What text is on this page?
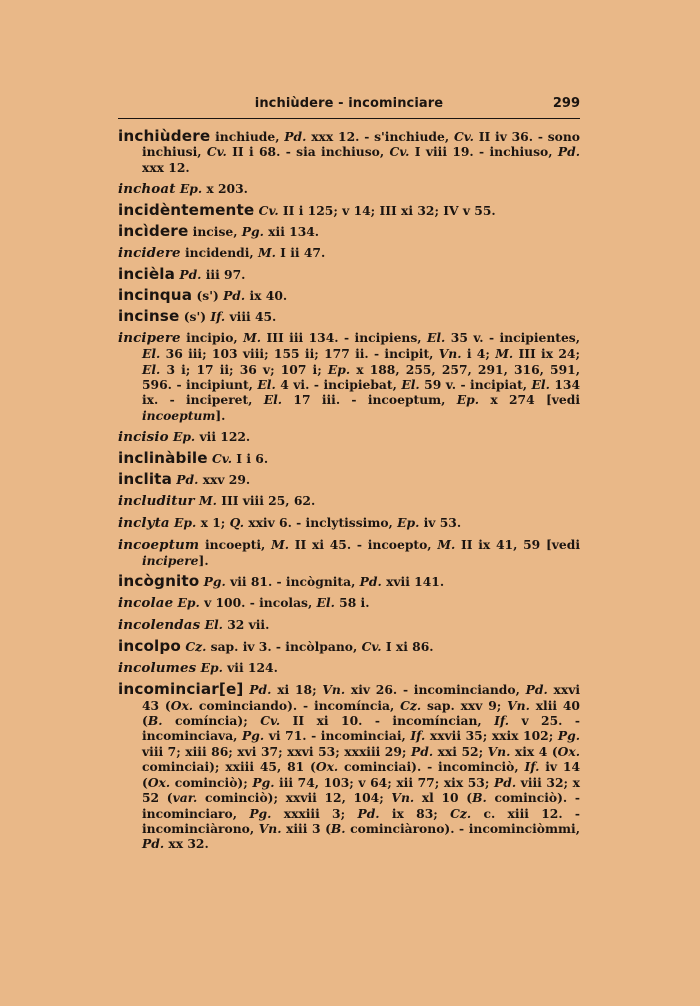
inchiùdere - incominciare	299

inchiùdere inchiude, Pd. xxx 12. - s'inchiude, Cv. II iv 36. - sono inchiusi, Cv. II i 68. - sia inchiuso, Cv. I viii 19. - inchiuso, Pd. xxx 12.

inchoat Ep. x 203.

incidèntemente Cv. II i 125; v 14; III xi 32; IV v 55.

incìdere incise, Pg. xii 134.

incidere incidendi, M. I ii 47.

incièla Pd. iii 97.

incinqua (s') Pd. ix 40.

incinse (s') If. viii 45.

incipere incipio, M. III iii 134. - incipiens, El. 35 v. - incipientes, El. 36 iii; 103 viii; 155 ii; 177 ii. - incipit, Vn. i 4; M. III ix 24; El. 3 i; 17 ii; 36 v; 107 i; Ep. x 188, 255, 257, 291, 316, 591, 596. - incipiunt, El. 4 vi. - incipiebat, El. 59 v. - incipiat, El. 134 ix. - inciperet, El. 17 iii. - incoeptum, Ep. x 274 [vedi incoeptum].

incisio Ep. vii 122.

inclinàbile Cv. I i 6.

inclita Pd. xxv 29.

includitur M. III viii 25, 62.

inclyta Ep. x 1; Q. xxiv 6. - inclytissimo, Ep. iv 53.

incoeptum incoepti, M. II xi 45. - incoepto, M. II ix 41, 59 [vedi incipere].

incògnito Pg. vii 81. - incògnita, Pd. xvii 141.

incolae Ep. v 100. - incolas, El. 58 i.

incolendas El. 32 vii.

incolpo Cz. sap. iv 3. - incòlpano, Cv. I xi 86.

incolumes Ep. vii 124.

incominciar[e] Pd. xi 18; Vn. xiv 26. - incominciando, Pd. xxvi 43 (Ox. cominciando). - incomíncia, Cz. sap. xxv 9; Vn. xlii 40 (B. comíncia); Cv. II xi 10. - incomíncian, If. v 25. - incominciava, Pg. vi 71. - incominciai, If. xxvii 35; xxix 102; Pg. viii 7; xiii 86; xvi 37; xxvi 53; xxxiii 29; Pd. xxi 52; Vn. xix 4 (Ox. cominciai); xxiii 45, 81 (Ox. cominciai). - incominciò, If. iv 14 (Ox. cominciò); Pg. iii 74, 103; v 64; xii 77; xix 53; Pd. viii 32; x 52 (var. cominciò); xxvii 12, 104; Vn. xl 10 (B. cominciò). - incominciaro, Pg. xxxiii 3; Pd. ix 83; Cz. c. xiii 12. - incominciàrono, Vn. xiii 3 (B. cominciàrono). - incominciòmmi, Pd. xx 32.
